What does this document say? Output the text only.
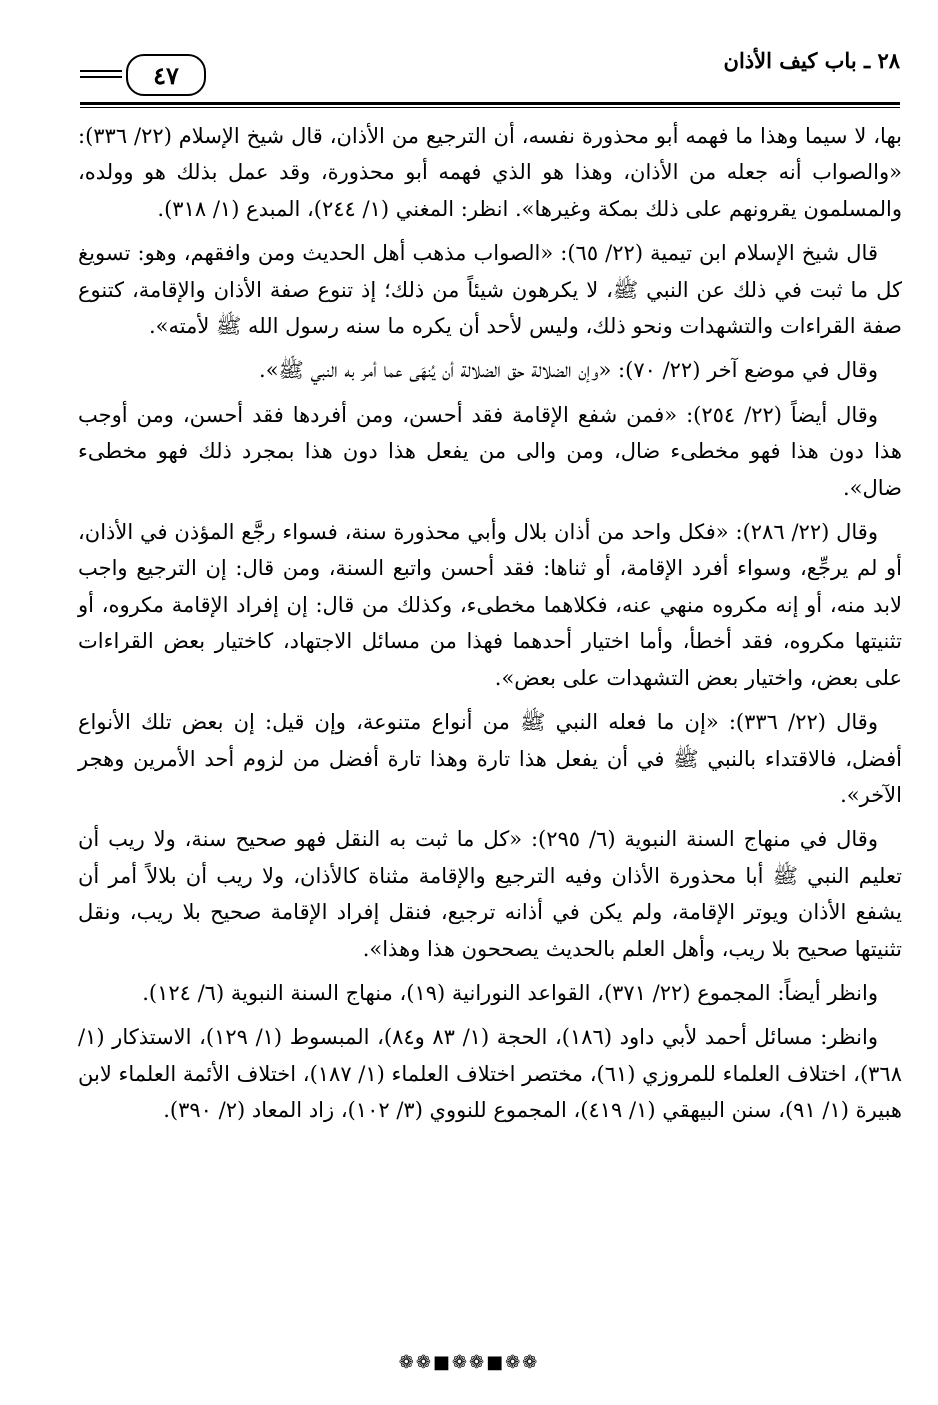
٢٨ ـ باب كيف الأذان
٤٧

بها، لا سيما وهذا ما فهمه أبو محذورة نفسه، أن الترجيع من الأذان، قال شيخ الإسلام (٢٢/ ٣٣٦): «والصواب أنه جعله من الأذان، وهذا هو الذي فهمه أبو محذورة، وقد عمل بذلك هو وولده، والمسلمون يقرونهم على ذلك بمكة وغيرها». انظر: المغني (١/ ٢٤٤)، المبدع (١/ ٣١٨).

قال شيخ الإسلام ابن تيمية (٢٢/ ٦٥): «الصواب مذهب أهل الحديث ومن وافقهم، وهو: تسويغ كل ما ثبت في ذلك عن النبي ﷺ، لا يكرهون شيئاً من ذلك؛ إذ تنوع صفة الأذان والإقامة، كتنوع صفة القراءات والتشهدات ونحو ذلك، وليس لأحد أن يكره ما سنه رسول الله ﷺ لأمته».

وقال في موضع آخر (٢٢/ ٧٠): «وإن الضلالة حق الضلالة أن يُنهَى عما أمر به النبي ﷺ».

وقال أيضاً (٢٢/ ٢٥٤): «فمن شفع الإقامة فقد أحسن، ومن أفردها فقد أحسن، ومن أوجب هذا دون هذا فهو مخطىء ضال، ومن والى من يفعل هذا دون هذا بمجرد ذلك فهو مخطىء ضال».

وقال (٢٢/ ٢٨٦): «فكل واحد من أذان بلال وأبي محذورة سنة، فسواء رجَّع المؤذن في الأذان، أو لم يرجِّع، وسواء أفرد الإقامة، أو ثناها: فقد أحسن واتبع السنة، ومن قال: إن الترجيع واجب لابد منه، أو إنه مكروه منهي عنه، فكلاهما مخطىء، وكذلك من قال: إن إفراد الإقامة مكروه، أو تثنيتها مكروه، فقد أخطأ، وأما اختيار أحدهما فهذا من مسائل الاجتهاد، كاختيار بعض القراءات على بعض، واختيار بعض التشهدات على بعض».

وقال (٢٢/ ٣٣٦): «إن ما فعله النبي ﷺ من أنواع متنوعة، وإن قيل: إن بعض تلك الأنواع أفضل، فالاقتداء بالنبي ﷺ في أن يفعل هذا تارة وهذا تارة أفضل من لزوم أحد الأمرين وهجر الآخر».

وقال في منهاج السنة النبوية (٦/ ٢٩٥): «كل ما ثبت به النقل فهو صحيح سنة، ولا ريب أن تعليم النبي ﷺ أبا محذورة الأذان وفيه الترجيع والإقامة مثناة كالأذان، ولا ريب أن بلالاً أمر أن يشفع الأذان ويوتر الإقامة، ولم يكن في أذانه ترجيع، فنقل إفراد الإقامة صحيح بلا ريب، ونقل تثنيتها صحيح بلا ريب، وأهل العلم بالحديث يصححون هذا وهذا».

وانظر أيضاً: المجموع (٢٢/ ٣٧١)، القواعد النورانية (١٩)، منهاج السنة النبوية (٦/ ١٢٤).

وانظر: مسائل أحمد لأبي داود (١٨٦)، الحجة (١/ ٨٣ و٨٤)، المبسوط (١/ ١٢٩)، الاستذكار (١/ ٣٦٨)، اختلاف العلماء للمروزي (٦١)، مختصر اختلاف العلماء (١/ ١٨٧)، اختلاف الأئمة العلماء لابن هبيرة (١/ ٩١)، سنن البيهقي (١/ ٤١٩)، المجموع للنووي (٣/ ١٠٢)، زاد المعاد (٢/ ٣٩٠).

❁❁■❁❁■❁❁
